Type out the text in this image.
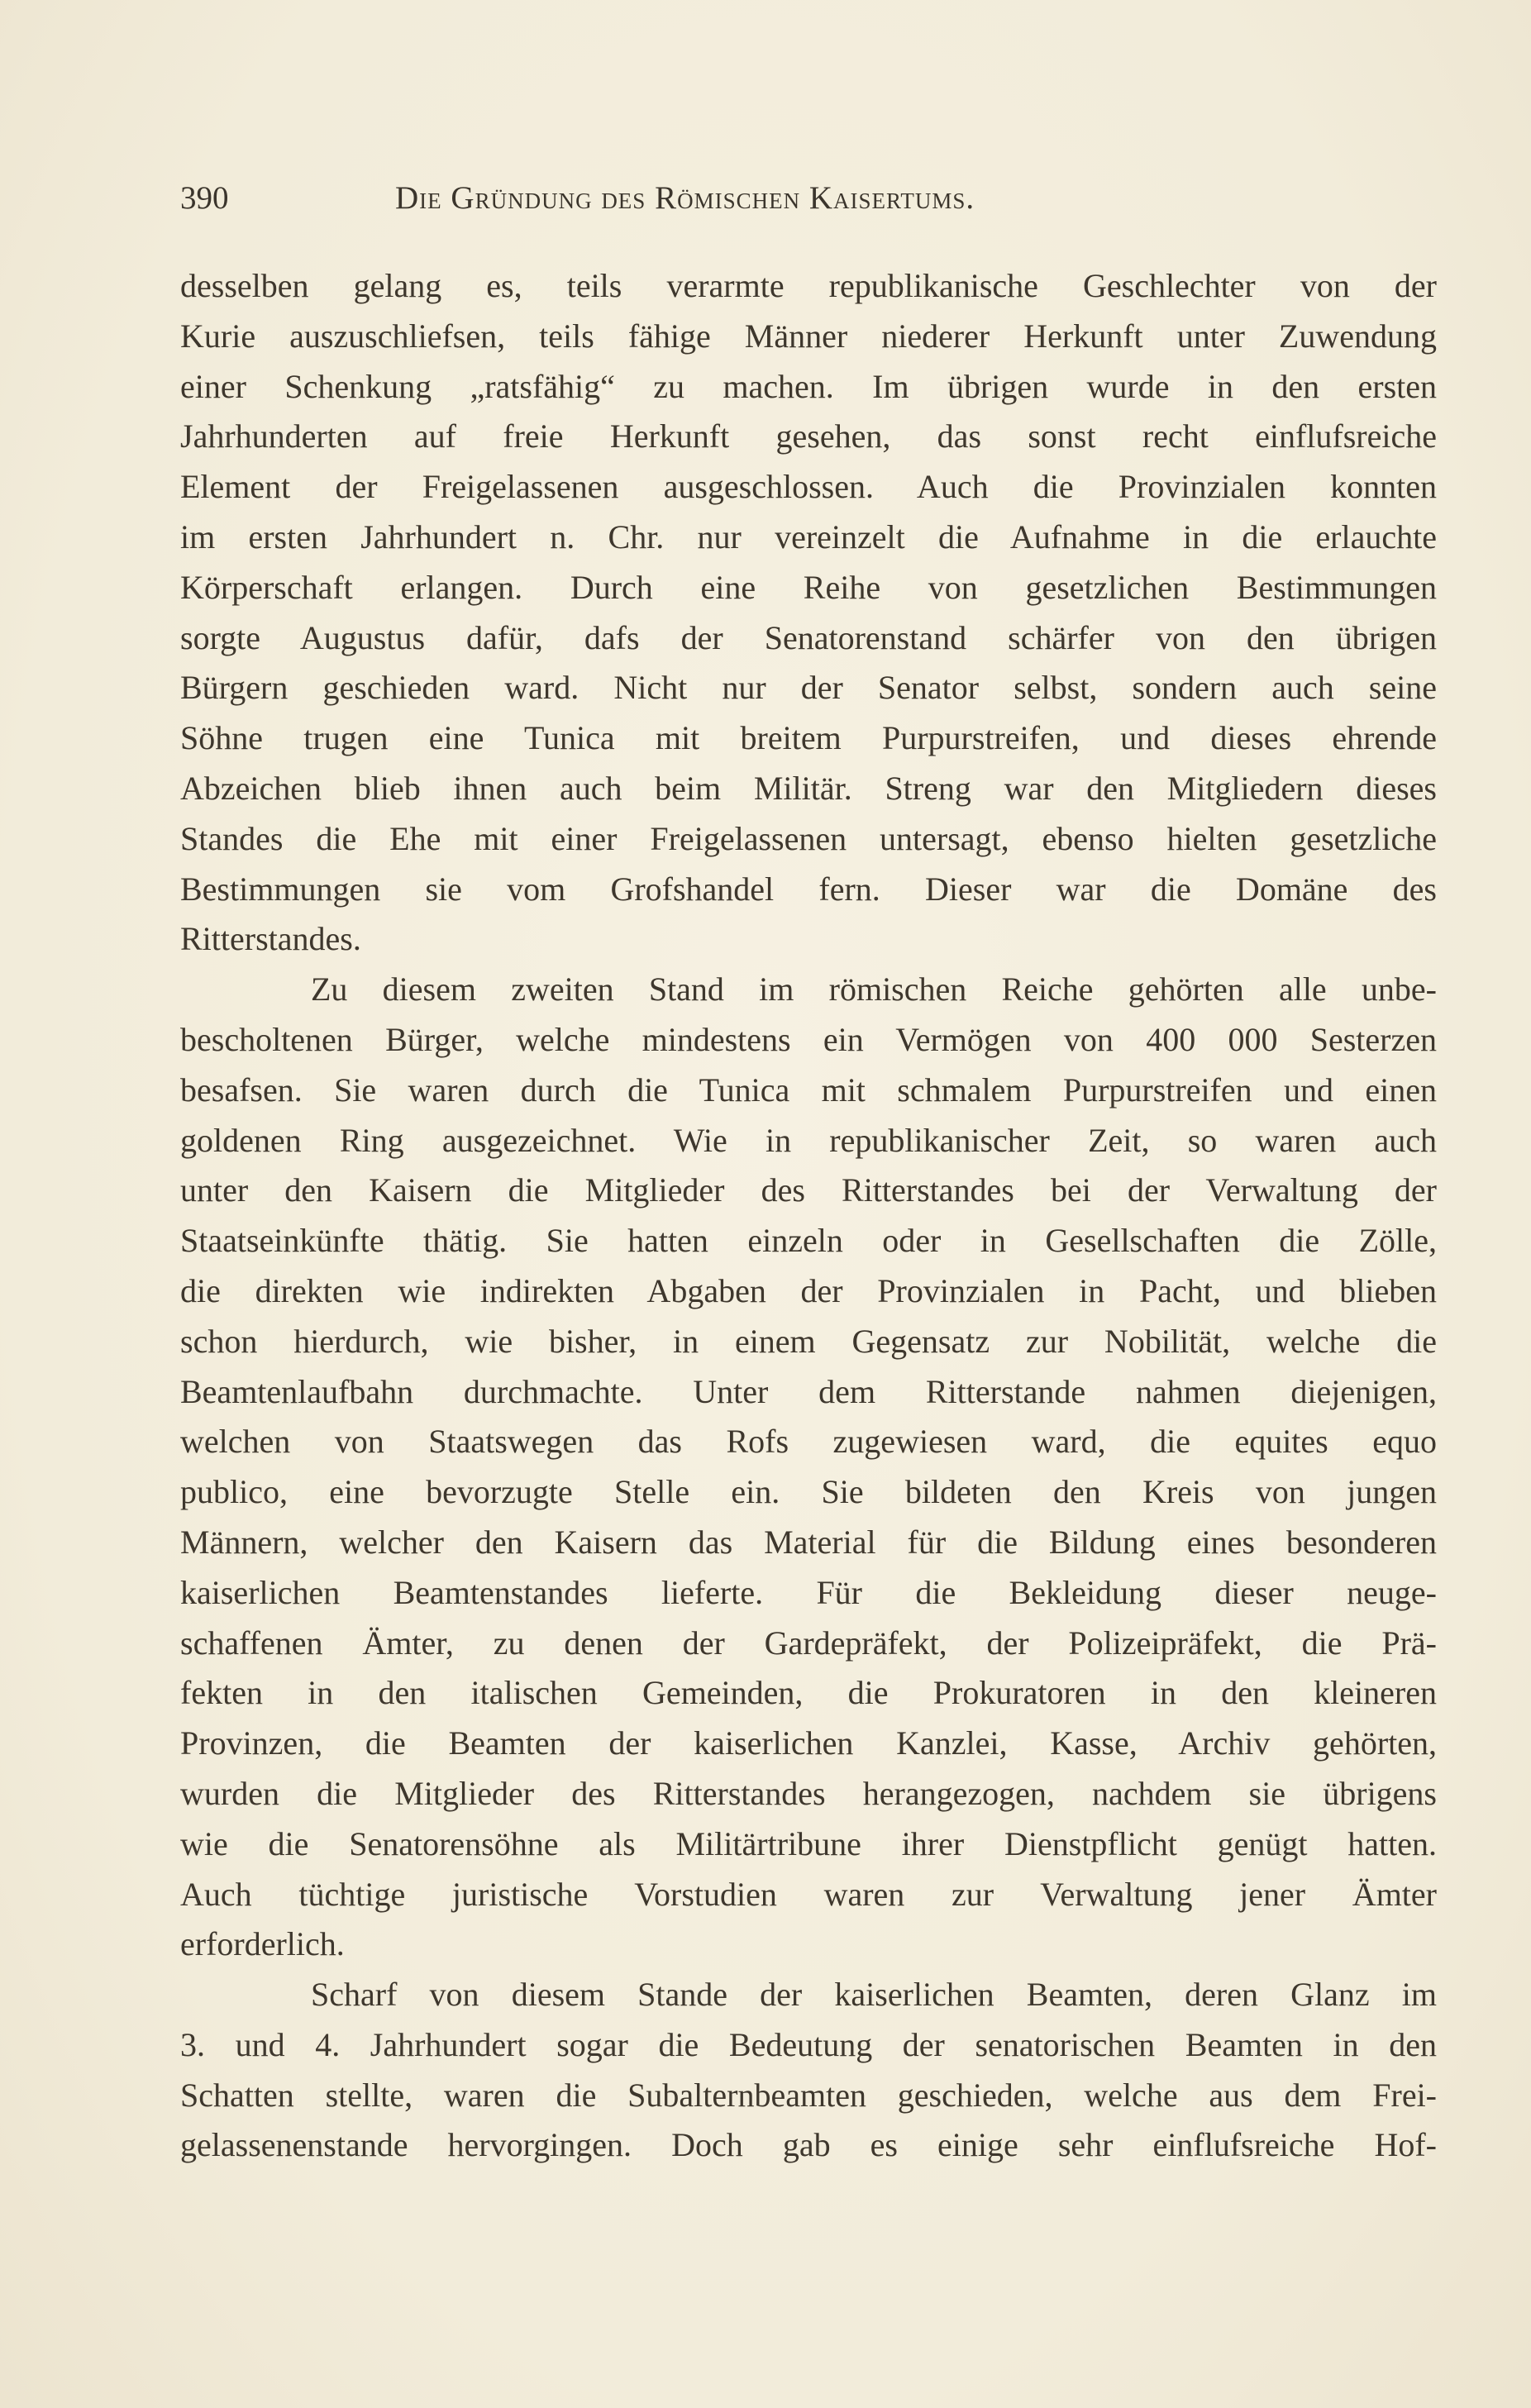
390	Die Gründung des Römischen Kaisertums.
desselben gelang es, teils verarmte republikanische Geschlechter von der
Kurie auszuschliefsen, teils fähige Männer niederer Herkunft unter Zuwendung
einer Schenkung „ratsfähig“ zu machen. Im übrigen wurde in den ersten
Jahrhunderten auf freie Herkunft gesehen, das sonst recht einflufsreiche
Element der Freigelassenen ausgeschlossen. Auch die Provinzialen konnten
im ersten Jahrhundert n. Chr. nur vereinzelt die Aufnahme in die erlauchte
Körperschaft erlangen. Durch eine Reihe von gesetzlichen Bestimmungen
sorgte Augustus dafür, dafs der Senatorenstand schärfer von den übrigen
Bürgern geschieden ward. Nicht nur der Senator selbst, sondern auch seine
Söhne trugen eine Tunica mit breitem Purpurstreifen, und dieses ehrende
Abzeichen blieb ihnen auch beim Militär. Streng war den Mitgliedern dieses
Standes die Ehe mit einer Freigelassenen untersagt, ebenso hielten gesetzliche
Bestimmungen sie vom Grofshandel fern. Dieser war die Domäne des
Ritterstandes.
Zu diesem zweiten Stand im römischen Reiche gehörten alle unbe-
bescholtenen Bürger, welche mindestens ein Vermögen von 400 000 Sesterzen
besafsen. Sie waren durch die Tunica mit schmalem Purpurstreifen und einen
goldenen Ring ausgezeichnet. Wie in republikanischer Zeit, so waren auch
unter den Kaisern die Mitglieder des Ritterstandes bei der Verwaltung der
Staatseinkünfte thätig. Sie hatten einzeln oder in Gesellschaften die Zölle,
die direkten wie indirekten Abgaben der Provinzialen in Pacht, und blieben
schon hierdurch, wie bisher, in einem Gegensatz zur Nobilität, welche die
Beamtenlaufbahn durchmachte. Unter dem Ritterstande nahmen diejenigen,
welchen von Staatswegen das Rofs zugewiesen ward, die equites equo
publico, eine bevorzugte Stelle ein. Sie bildeten den Kreis von jungen
Männern, welcher den Kaisern das Material für die Bildung eines besonderen
kaiserlichen Beamtenstandes lieferte. Für die Bekleidung dieser neuge-
schaffenen Ämter, zu denen der Gardepräfekt, der Polizeipräfekt, die Prä-
fekten in den italischen Gemeinden, die Prokuratoren in den kleineren
Provinzen, die Beamten der kaiserlichen Kanzlei, Kasse, Archiv gehörten,
wurden die Mitglieder des Ritterstandes herangezogen, nachdem sie übrigens
wie die Senatorensöhne als Militärtribune ihrer Dienstpflicht genügt hatten.
Auch tüchtige juristische Vorstudien waren zur Verwaltung jener Ämter
erforderlich.
Scharf von diesem Stande der kaiserlichen Beamten, deren Glanz im
3. und 4. Jahrhundert sogar die Bedeutung der senatorischen Beamten in den
Schatten stellte, waren die Subalternbeamten geschieden, welche aus dem Frei-
gelassenenstande hervorgingen. Doch gab es einige sehr einflufsreiche Hof-
